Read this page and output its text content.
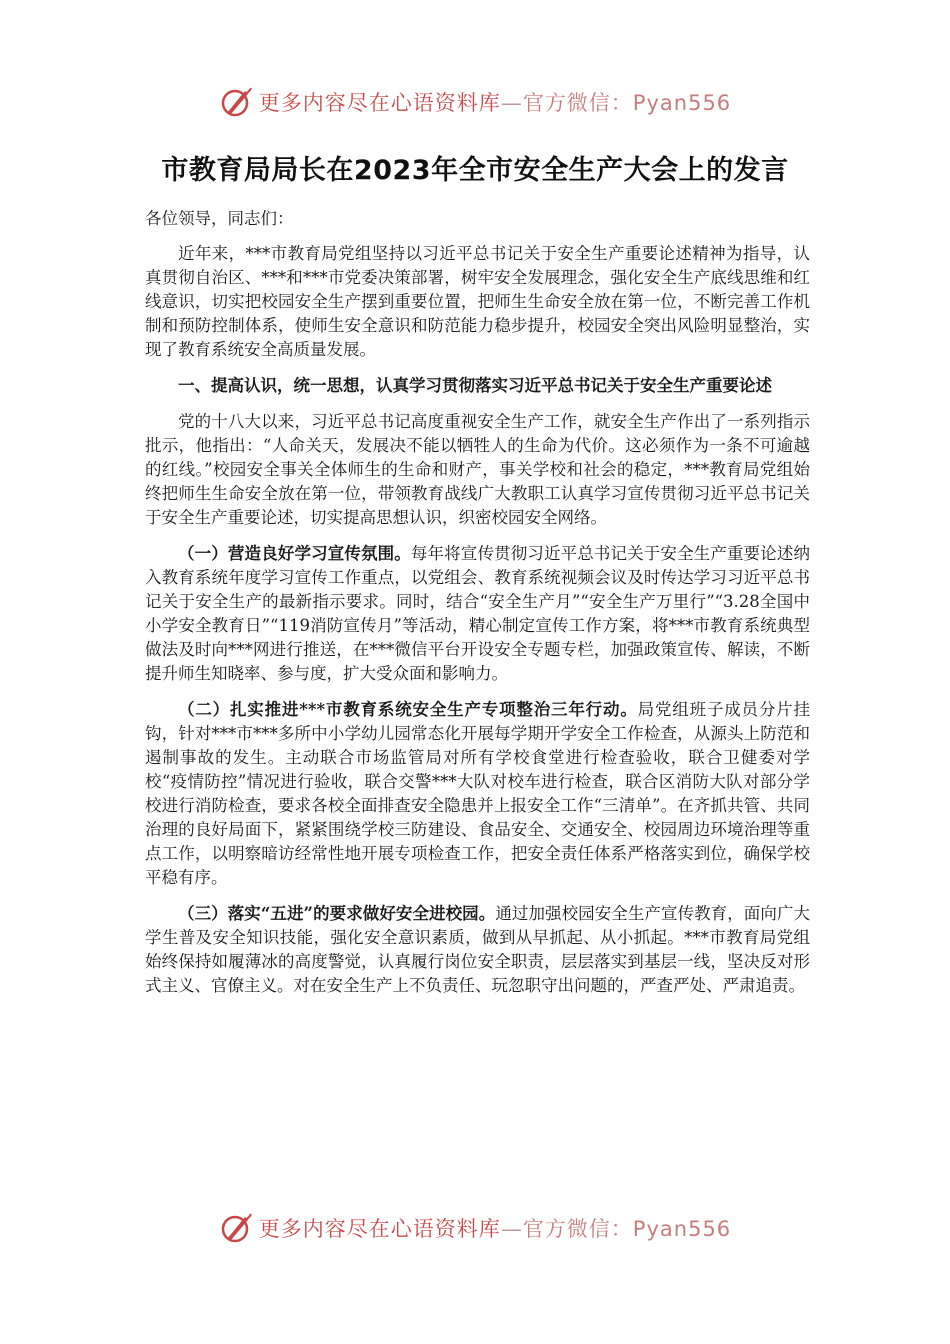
更多内容尽在心语资料库—官方微信：Pyan556
市教育局局长在2023年全市安全生产大会上的发言

各位领导，同志们：

近年来，***市教育局党组坚持以习近平总书记关于安全生产重要论述精神为指导，认真贯彻自治区、***和***市党委决策部署，树牢安全发展理念，强化安全生产底线思维和红线意识，切实把校园安全生产摆到重要位置，把师生生命安全放在第一位，不断完善工作机制和预防控制体系，使师生安全意识和防范能力稳步提升，校园安全突出风险明显整治，实现了教育系统安全高质量发展。

一、提高认识，统一思想，认真学习贯彻落实习近平总书记关于安全生产重要论述

党的十八大以来，习近平总书记高度重视安全生产工作，就安全生产作出了一系列指示批示，他指出：“人命关天，发展决不能以牺牲人的生命为代价。这必须作为一条不可逾越的红线。”校园安全事关全体师生的生命和财产，事关学校和社会的稳定，***教育局党组始终把师生生命安全放在第一位，带领教育战线广大教职工认真学习宣传贯彻习近平总书记关于安全生产重要论述，切实提高思想认识，织密校园安全网络。

（一）营造良好学习宣传氛围。每年将宣传贯彻习近平总书记关于安全生产重要论述纳入教育系统年度学习宣传工作重点，以党组会、教育系统视频会议及时传达学习习近平总书记关于安全生产的最新指示要求。同时，结合“安全生产月”“安全生产万里行”“3.28全国中小学安全教育日”“119消防宣传月”等活动，精心制定宣传工作方案，将***市教育系统典型做法及时向***网进行推送，在***微信平台开设安全专题专栏，加强政策宣传、解读，不断提升师生知晓率、参与度，扩大受众面和影响力。

（二）扎实推进***市教育系统安全生产专项整治三年行动。局党组班子成员分片挂钩，针对***市***多所中小学幼儿园常态化开展每学期开学安全工作检查，从源头上防范和遏制事故的发生。主动联合市场监管局对所有学校食堂进行检查验收，联合卫健委对学校“疫情防控”情况进行验收，联合交警***大队对校车进行检查，联合区消防大队对部分学校进行消防检查，要求各校全面排查安全隐患并上报安全工作“三清单”。在齐抓共管、共同治理的良好局面下，紧紧围绕学校三防建设、食品安全、交通安全、校园周边环境治理等重点工作，以明察暗访经常性地开展专项检查工作，把安全责任体系严格落实到位，确保学校平稳有序。

（三）落实“五进”的要求做好安全进校园。通过加强校园安全生产宣传教育，面向广大学生普及安全知识技能，强化安全意识素质，做到从早抓起、从小抓起。***市教育局党组始终保持如履薄冰的高度警觉，认真履行岗位安全职责，层层落实到基层一线，坚决反对形式主义、官僚主义。对在安全生产上不负责任、玩忽职守出问题的，严查严处、严肃追责。

更多内容尽在心语资料库—官方微信：Pyan556
